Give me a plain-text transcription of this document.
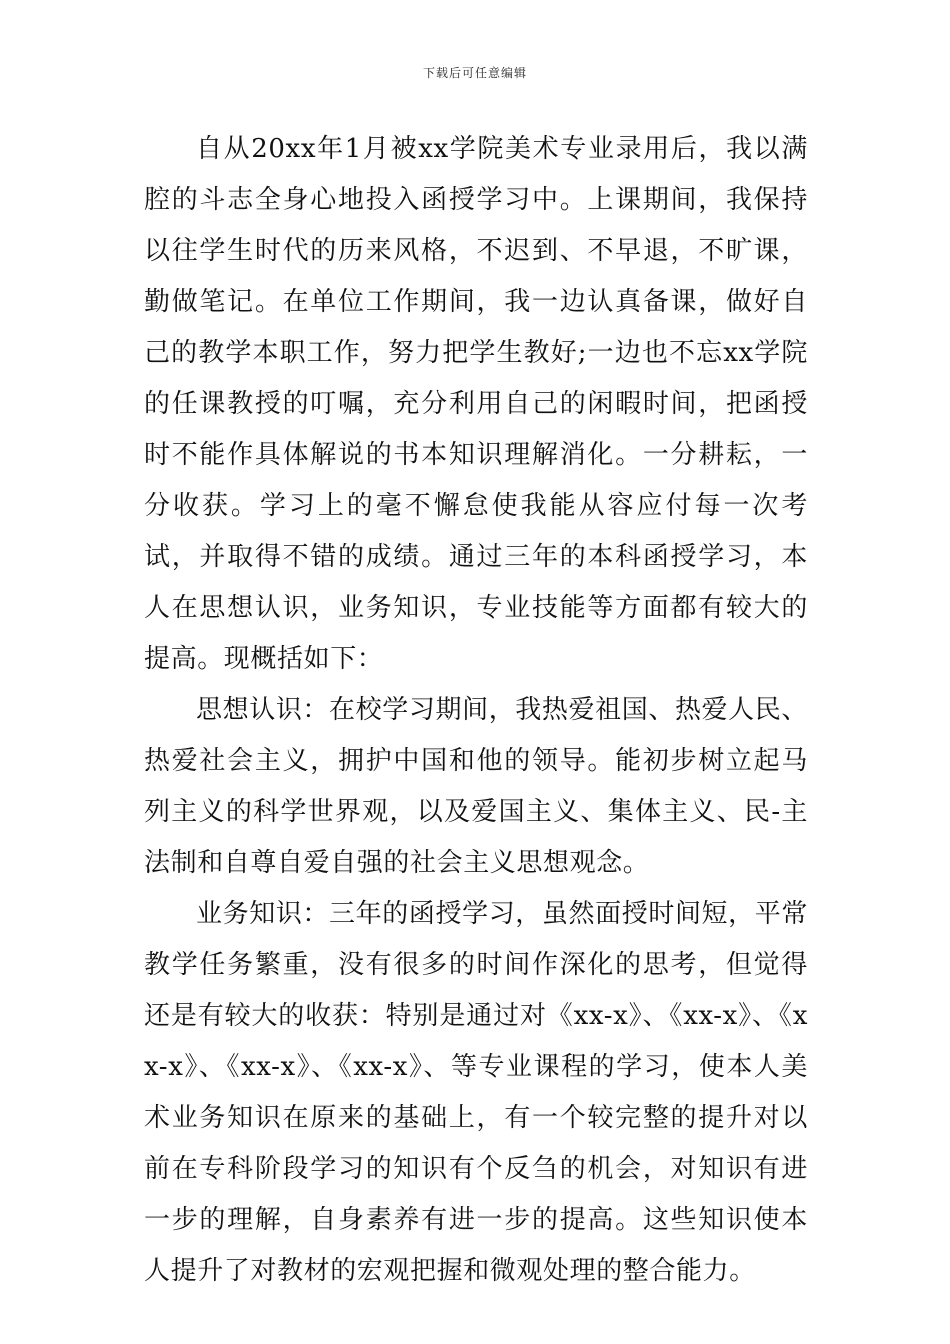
下载后可任意编辑

自从20xx年1月被xx学院美术专业录用后，我以满腔的斗志全身心地投入函授学习中。上课期间，我保持以往学生时代的历来风格，不迟到、不早退，不旷课，勤做笔记。在单位工作期间，我一边认真备课，做好自己的教学本职工作，努力把学生教好;一边也不忘xx学院的任课教授的叮嘱，充分利用自己的闲暇时间，把函授时不能作具体解说的书本知识理解消化。一分耕耘，一分收获。学习上的毫不懈怠使我能从容应付每一次考试，并取得不错的成绩。通过三年的本科函授学习，本人在思想认识，业务知识，专业技能等方面都有较大的提高。现概括如下：

思想认识：在校学习期间，我热爱祖国、热爱人民、热爱社会主义，拥护中国和他的领导。能初步树立起马列主义的科学世界观，以及爱国主义、集体主义、民-主法制和自尊自爱自强的社会主义思想观念。

业务知识：三年的函授学习，虽然面授时间短，平常教学任务繁重，没有很多的时间作深化的思考，但觉得还是有较大的收获：特别是通过对《xx-x》、《xx-x》、《xx-x》、《xx-x》、《xx-x》、等专业课程的学习，使本人美术业务知识在原来的基础上，有一个较完整的提升对以前在专科阶段学习的知识有个反刍的机会，对知识有进一步的理解，自身素养有进一步的提高。这些知识使本人提升了对教材的宏观把握和微观处理的整合能力。
